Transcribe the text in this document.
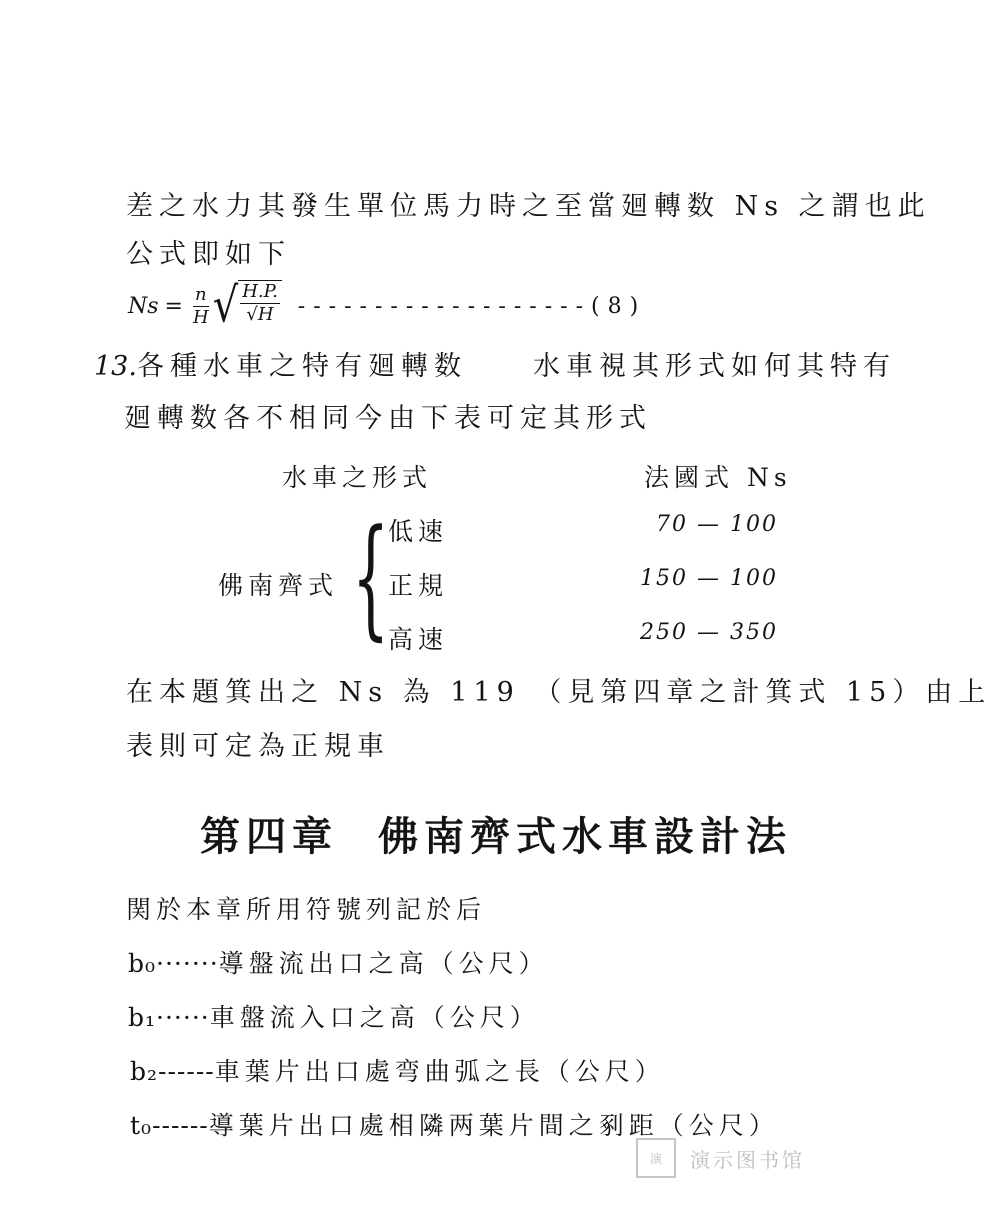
差之水力其發生單位馬力時之至當廻轉数 Ns 之謂也此
公式即如下
$Ns = \frac{n}{H}$ √ $\frac{H.P.}{√H} -------------------(8)$
13.各種水車之特有廻轉数　　水車視其形式如何其特有
廻轉数各不相同今由下表可定其形式
水車之形式	法國式 Ns
佛南齊式 {
低速	70 — 100
正規	150 — 100
高速	250 — 350
在本題箕出之 Ns 為 119 （見第四章之計箕式 15）由上
表則可定為正規車
第四章 佛南齊式水車設計法
関於本章所用符號列記於后
b₀·······導盤流出口之高（公尺）
b₁······車盤流入口之高（公尺）
b₂------車葉片出口處弯曲弧之長（公尺）
t₀------導葉片出口處相隣两葉片間之剢距（公尺）
演	演示图书馆
